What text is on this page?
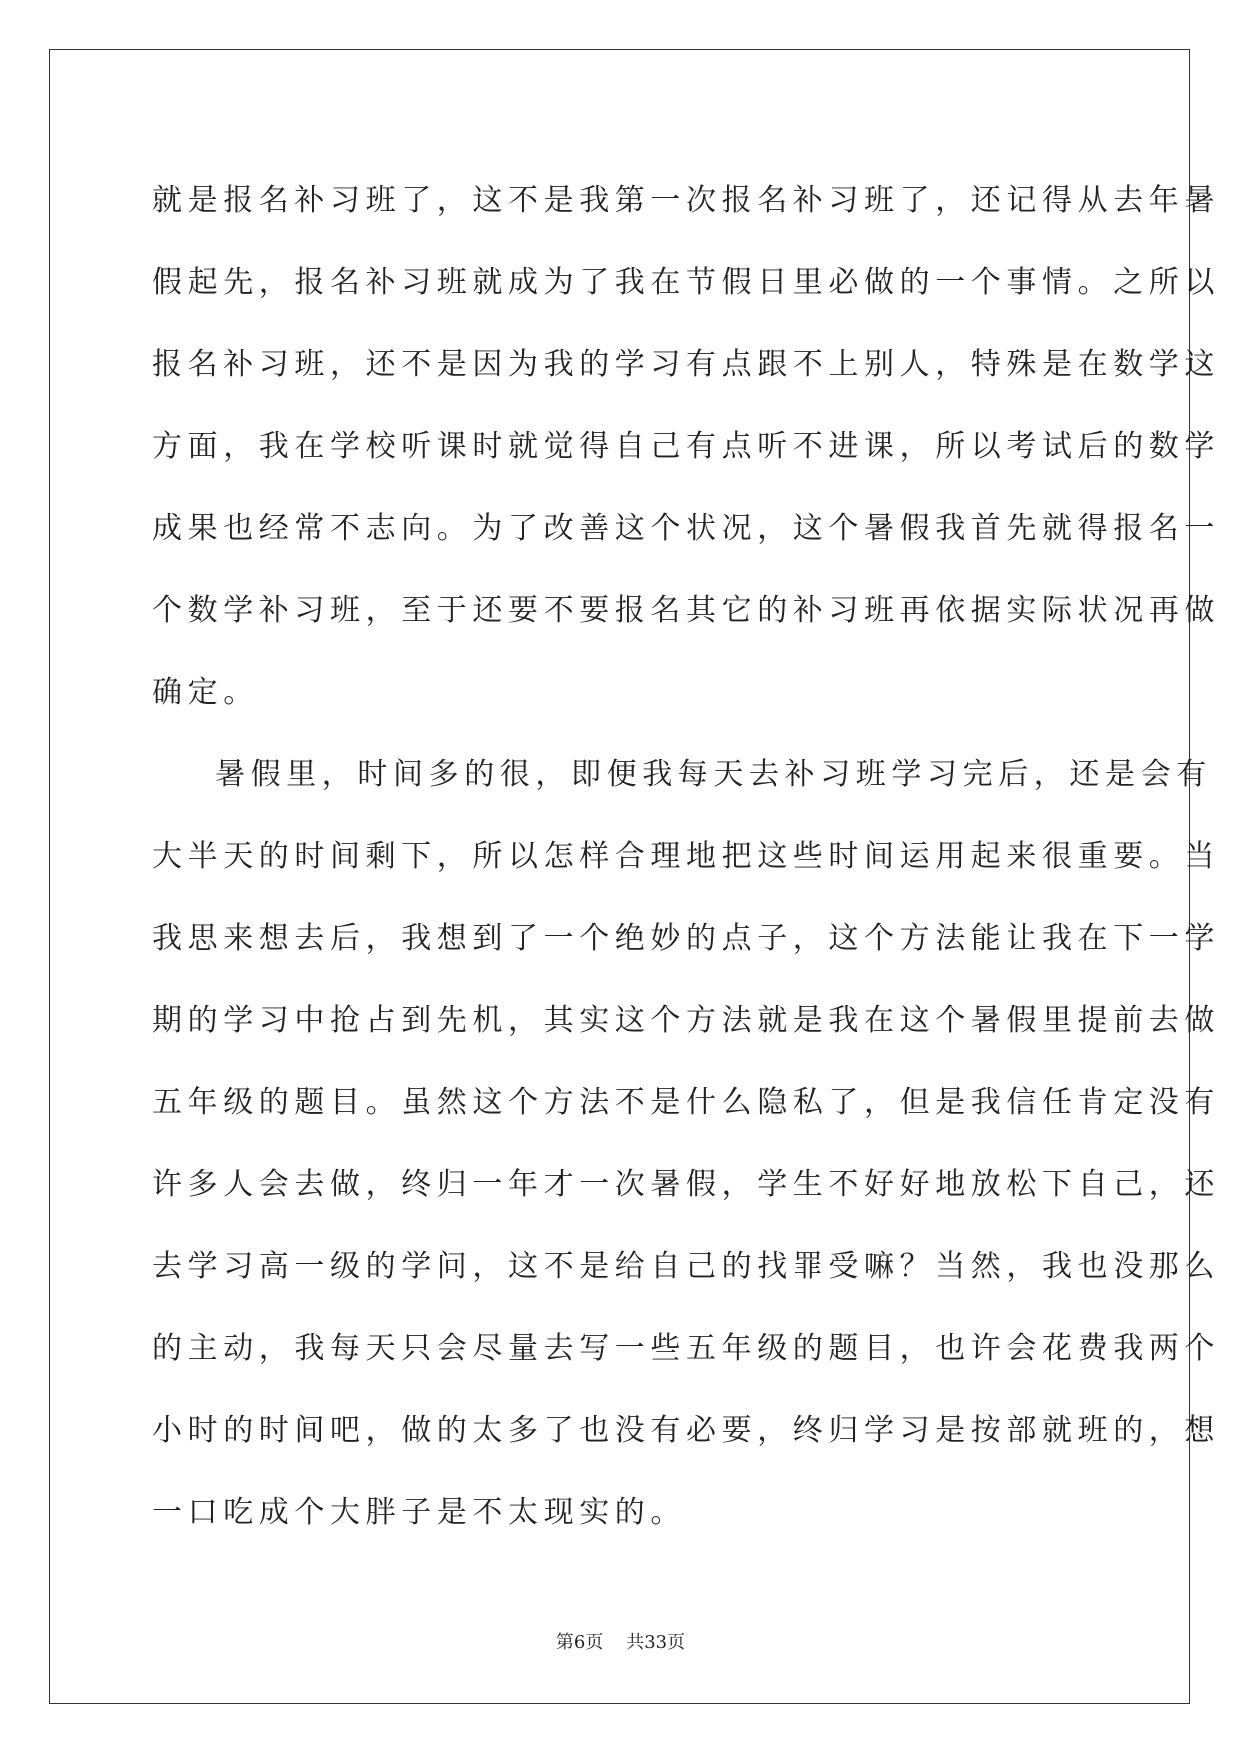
就是报名补习班了，这不是我第一次报名补习班了，还记得从去年暑
假起先，报名补习班就成为了我在节假日里必做的一个事情。之所以
报名补习班，还不是因为我的学习有点跟不上别人，特殊是在数学这
方面，我在学校听课时就觉得自己有点听不进课，所以考试后的数学
成果也经常不志向。为了改善这个状况，这个暑假我首先就得报名一
个数学补习班，至于还要不要报名其它的补习班再依据实际状况再做
确定。
暑假里，时间多的很，即便我每天去补习班学习完后，还是会有
大半天的时间剩下，所以怎样合理地把这些时间运用起来很重要。当
我思来想去后，我想到了一个绝妙的点子，这个方法能让我在下一学
期的学习中抢占到先机，其实这个方法就是我在这个暑假里提前去做
五年级的题目。虽然这个方法不是什么隐私了，但是我信任肯定没有
许多人会去做，终归一年才一次暑假，学生不好好地放松下自己，还
去学习高一级的学问，这不是给自己的找罪受嘛？当然，我也没那么
的主动，我每天只会尽量去写一些五年级的题目，也许会花费我两个
小时的时间吧，做的太多了也没有必要，终归学习是按部就班的，想
一口吃成个大胖子是不太现实的。
第6页 共33页
